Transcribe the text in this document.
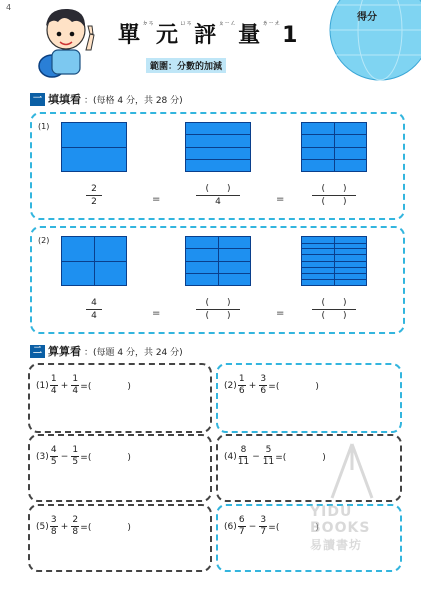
4
單$^{ㄉㄢ}$元$^{ㄩㄢ}$評$^{ㄆㄧㄥ}$量$^{ㄌㄧㄤ}$1
範圍：分數的加減
得分
一 填填看 ：(每格 4 分，共 28 分)
(1)
2
2	=
(　　)
4	=
(　　)
(　　)
(2)
4
4	=
(　　)
(　　)	=
(　　)
(　　)
二 算算看 ：(每題 4 分，共 24 分)
(1)
1
4
+
1
4 =(　　　　)	(2)
1
6
+
3
6 =(　　　　)
(3)
4
5
−
1
5 =(　　　　)	(4)
8
11
−
5
11 =(　　　　)
(5)
3
8
+
2
8 =(　　　　)	(6)
6
7
−
3
7 =(　　　　)
YIDU
BOOKS
易讀書坊
